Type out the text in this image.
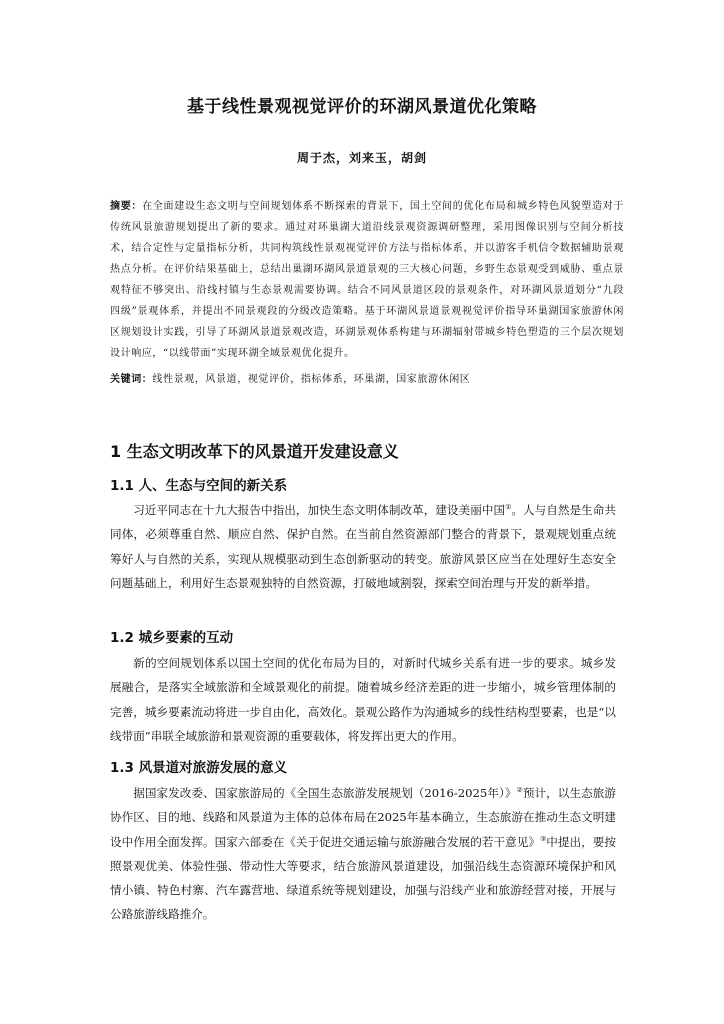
基于线性景观视觉评价的环湖风景道优化策略
周于杰，刘来玉，胡剑
摘要：在全面建设生态文明与空间规划体系不断探索的背景下，国土空间的优化布局和城乡特色风貌塑造对于传统风景旅游规划提出了新的要求。通过对环巢湖大道沿线景观资源调研整理，采用图像识别与空间分析技术，结合定性与定量指标分析，共同构筑线性景观视觉评价方法与指标体系，并以游客手机信令数据辅助景观热点分析。在评价结果基础上，总结出巢湖环湖风景道景观的三大核心问题，乡野生态景观受到威胁、重点景观特征不够突出、沿线村镇与生态景观需要协调。结合不同风景道区段的景观条件，对环湖风景道划分“九段四级”景观体系，并提出不同景观段的分级改造策略。基于环湖风景道景观视觉评价指导环巢湖国家旅游休闲区规划设计实践，引导了环湖风景道景观改造，环湖景观体系构建与环湖辐射带城乡特色塑造的三个层次规划设计响应，“以线带面”实现环湖全域景观优化提升。
关键词：线性景观，风景道，视觉评价，指标体系，环巢湖，国家旅游休闲区
1 生态文明改革下的风景道开发建设意义
1.1 人、生态与空间的新关系
习近平同志在十九大报告中指出，加快生态文明体制改革，建设美丽中国①。人与自然是生命共同体，必须尊重自然、顺应自然、保护自然。在当前自然资源部门整合的背景下，景观规划重点统筹好人与自然的关系，实现从规模驱动到生态创新驱动的转变。旅游风景区应当在处理好生态安全问题基础上，利用好生态景观独特的自然资源，打破地域割裂，探索空间治理与开发的新举措。
1.2 城乡要素的互动
新的空间规划体系以国土空间的优化布局为目的，对新时代城乡关系有进一步的要求。城乡发展融合，是落实全域旅游和全域景观化的前提。随着城乡经济差距的进一步缩小，城乡管理体制的完善，城乡要素流动将进一步自由化，高效化。景观公路作为沟通城乡的线性结构型要素，也是“以线带面”串联全域旅游和景观资源的重要载体，将发挥出更大的作用。
1.3 风景道对旅游发展的意义
据国家发改委、国家旅游局的《全国生态旅游发展规划（2016-2025年）》②预计，以生态旅游协作区、目的地、线路和风景道为主体的总体布局在2025年基本确立，生态旅游在推动生态文明建设中作用全面发挥。国家六部委在《关于促进交通运输与旅游融合发展的若干意见》③中提出，要按照景观优美、体验性强、带动性大等要求，结合旅游风景道建设，加强沿线生态资源环境保护和风情小镇、特色村寨、汽车露营地、绿道系统等规划建设，加强与沿线产业和旅游经营对接，开展与公路旅游线路推介。
